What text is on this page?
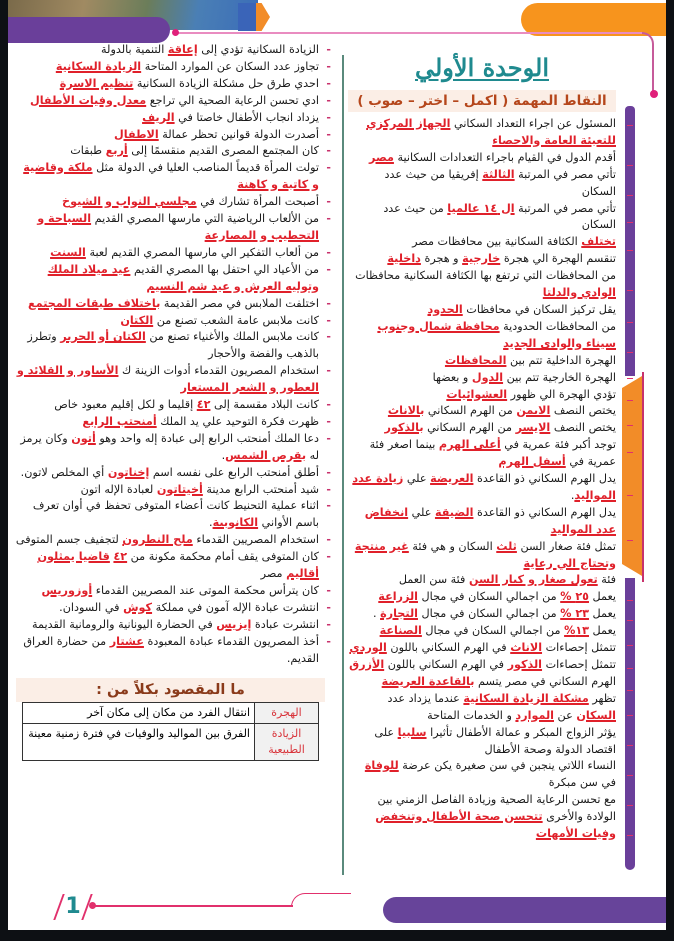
الوحدة الأولي
النقاط المهمة ( اكمل – اختر – صوب )
المسئول عن اجراء التعداد السكاني الجهاز المركزي للتعبئة العامة والاحصاء
أقدم الدول في القيام باجراء التعدادات السكانية مصر
تأتي مصر في المرتبة الثالثة إفريقيا من حيث عدد السكان
تأتي مصر في المرتبة ال ١٤ عالميا من حيث عدد السكان
تختلف الكثافة السكانية بين محافظات مصر
تنقسم الهجرة الي هجرة خارجية و هجرة داخلية
من المحافظات التي ترتفع بها الكثافة السكانية محافظات الوادي والدلتا
يقل تركيز السكان في محافظات الحدود
من المحافظات الحدودية محافظة شمال وجنوب سيناء والوادى الجديد
الهجرة الداخلية تتم بين المحافظات
الهجرة الخارجية تتم بين الدول و بعضها
تؤدي الهجرة الي ظهور العشوائيات
يختص النصف الايمن من الهرم السكاني بالاناث
يختص النصف الايسر من الهرم السكاني بالذكور
توجد أكبر فئة عمرية في أعلى الهرم بينما اصغر فئة عمرية في أسفل الهرم
يدل الهرم السكاني ذو القاعدة العريضة علي زيادة عدد المواليد.
يدل الهرم السكاني ذو القاعدة الضيقة علي انخفاض عدد المواليد
تمثل فئة صغار السن ثلث السكان و هي فئة غير منتجة وتحتاج الي رعاية
فئة تعول صغار و كبار السن فئة سن العمل
يعمل ٢٥ % من اجمالي السكان في مجال الزراعة
يعمل ٢٣ % من اجمالي السكان في مجال التجارة .
يعمل ١٣% من اجمالي السكان في مجال الصناعة
تتمثل إحصاءات الاناث في الهرم السكاني باللون الوردي
تتمثل إحصاءات الذكور في الهرم السكاني باللون الأزرق
الهرم السكاني في مصر يتسم بالقاعدة العريضة
تظهر مشكلة الزيادة السكانية عندما يزداد عدد السكان عن الموارد و الخدمات المتاحة
يؤثر الزواج المبكر و عمالة الأطفال تأثيرا سلبيا على اقتصاد الدولة وصحة الأطفال
النساء اللاتي ينجبن في سن صغيرة يكن عرضة للوفاة في سن مبكرة
مع تحسن الرعاية الصحية وزيادة الفاصل الزمني بين الولادة والأخرى تتحسن صحة الأطفال وتنخفض وفيات الأمهات
- الزيادة السكانية تؤدي إلى إعاقة التنمية بالدولة
- تجاوز عدد السكان عن الموارد المتاحة الزيادة السكانية
- احدي طرق حل مشكلة الزيادة السكانية تنظيم الاسرة
- ادي تحسن الرعاية الصحية الي تراجع معدل وفيات الأطفال
- يزداد انجاب الأطفال خاصتا في الريف
- أصدرت الدولة قوانين تحظر عمالة الاطفال
- كان المجتمع المصرى القديم منقسمًا إلى أربع طبقات
- تولت المرأة قديماً المناصب العليا في الدولة مثل ملكة وقاضية و كاتبة و كاهنة
- أصبحت المرأة تشارك في مجلسي النواب و الشيوخ
- من الألعاب الرياضية التي مارسها المصري القديم السباحة و التحطيب و المصارعة
- من ألعاب التفكير الي مارسها المصري القديم لعبة السنت
- من الأعياد الي احتفل بها المصري القديم عيد ميلاد الملك وتوليه العرش و عيد شم النسيم
- اختلفت الملابس في مصر القديمة باختلاف طبقات المجتمع
- كانت ملابس عامة الشعب تصنع من الكتان
- كانت ملابس الملك والأغنياء تصنع من الكتان أو الحرير وتطرز بالذهب والفضة والأحجار
- استخدام المصريون القدماء أدوات الزينة ك الأساور و القلائد و العطور و الشعر المستعار
- كانت البلاد مقسمة إلى ٤٢ إقليما و لكل إقليم معبود خاص
- ظهرت فكرة التوحيد علي يد الملك أمنحتب الرابع
- دعا الملك أمنحتب الرابع إلى عبادة إله واحد وهو أتون وكان يرمز له بقرص الشمس.
- أطلق أمنحتب الرابع على نفسه اسم إخناتون أي المخلص لاتون.
- شيد أمنحتب الرابع مدينة أخيتاتون لعبادة الإله اتون
- اثناء عملية التحنيط كانت أعضاء المتوفى تحفظ في أوان تعرف باسم الأواني الكانوبية.
- استخدام المصريين القدماء ملح النطرون لتجفيف جسم المتوفى
- كان المتوفى يقف أمام محكمة مكونة من ٤٢ قاضيا يمثلون أقاليم مصر
- كان يترأس محكمة الموتى عند المصريين القدماء أوزوريس
- انتشرت عبادة الإله آمون في مملكة كوش في السودان.
- انتشرت عبادة إيزيس في الحضارة اليونانية والرومانية القديمة
- أخذ المصريون القدماء عبادة المعبودة عشتار من حضارة العراق القديم.
ما المقصود بكلاً من :
الهجرة	انتقال الفرد من مكان إلى مكان آخر
الزيادة الطبيعية	الفرق بين المواليد والوفيات في فترة زمنية معينة
1
